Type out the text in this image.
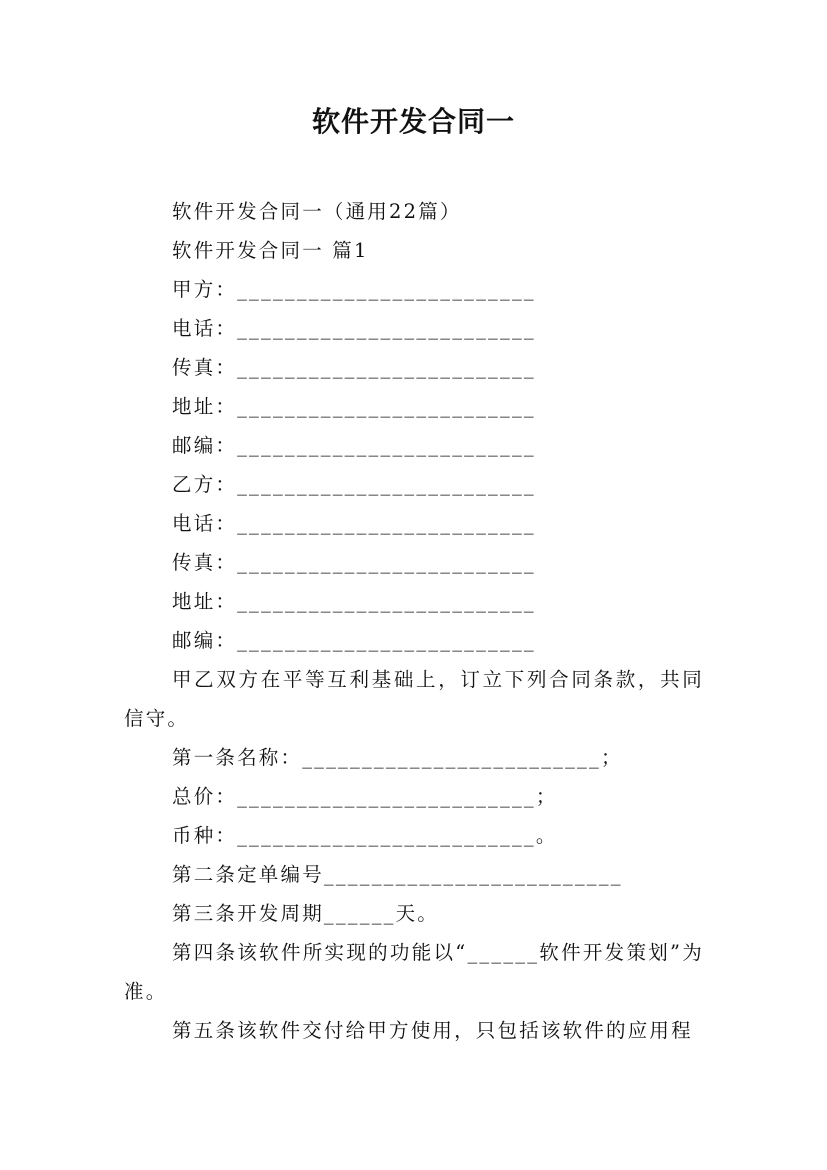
软件开发合同一

软件开发合同一（通用22篇）

软件开发合同一 篇1

甲方：_________________________

电话：_________________________

传真：_________________________

地址：_________________________

邮编：_________________________

乙方：_________________________

电话：_________________________

传真：_________________________

地址：_________________________

邮编：_________________________

甲乙双方在平等互利基础上，订立下列合同条款，共同信守。

第一条名称：_________________________；

总价：_________________________；

币种：_________________________。

第二条定单编号_________________________

第三条开发周期______天。

第四条该软件所实现的功能以“______软件开发策划”为准。

第五条该软件交付给甲方使用，只包括该软件的应用程
